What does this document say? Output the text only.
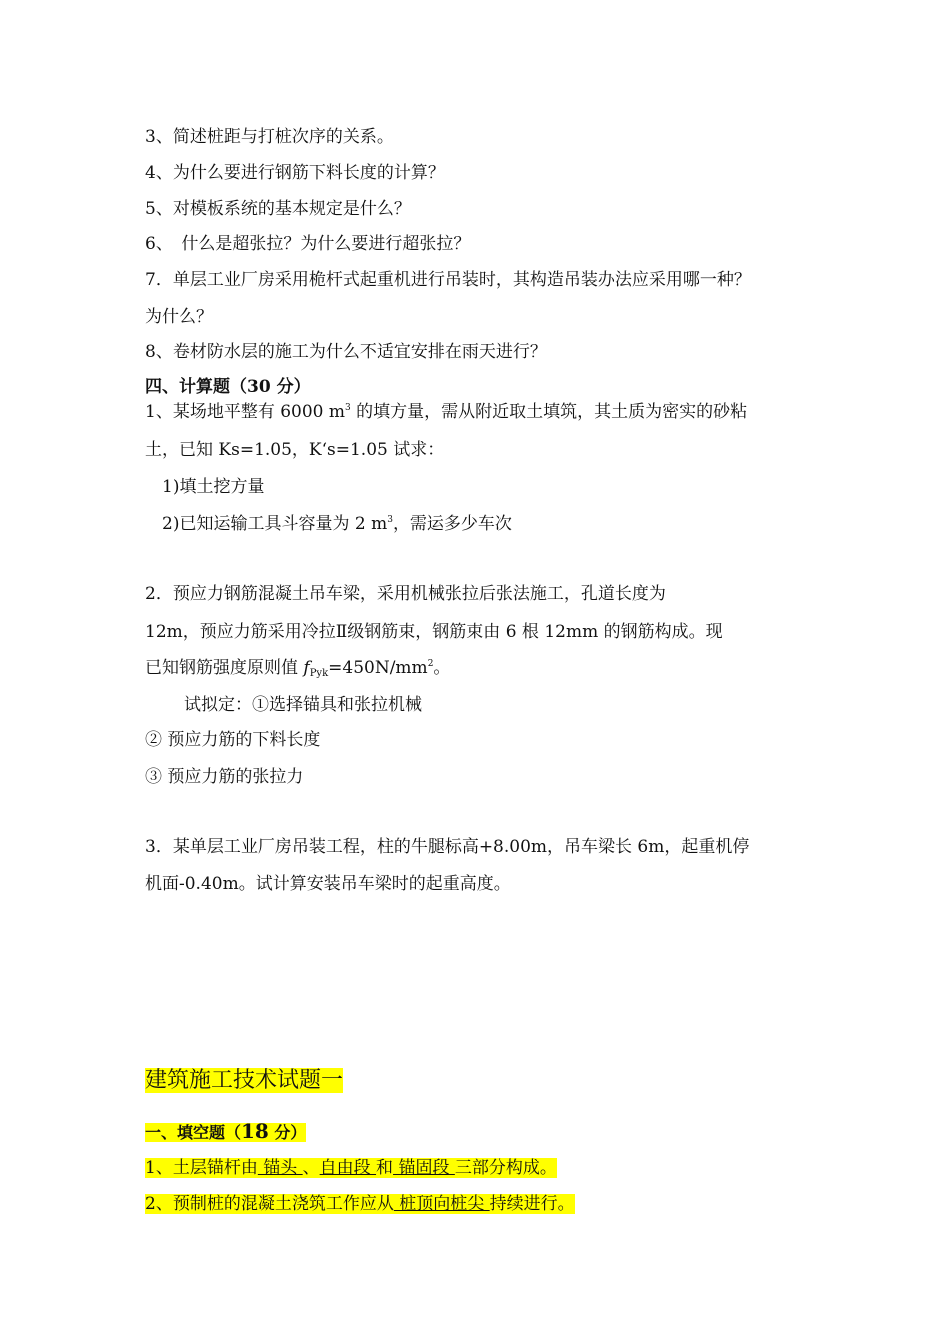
3、简述桩距与打桩次序的关系。
4、为什么要进行钢筋下料长度的计算？
5、对模板系统的基本规定是什么？
6、　什么是超张拉？为什么要进行超张拉？
7．单层工业厂房采用桅杆式起重机进行吊装时，其构造吊装办法应采用哪一种？
为什么？
8、卷材防水层的施工为什么不适宜安排在雨天进行？
四、计算题（30 分）
1、某场地平整有 6000 $m^3$ 的填方量，需从附近取土填筑，其土质为密实的砂粘
土，已知 Ks=1.05，K‘s=1.05 试求：
1)填土挖方量
2)已知运输工具斗容量为 2 $m^3$，需运多少车次
2．预应力钢筋混凝土吊车梁，采用机械张拉后张法施工，孔道长度为
12m，预应力筋采用冷拉Ⅱ级钢筋束，钢筋束由 6 根 12mm 的钢筋构成。现
已知钢筋强度原则值 $f_{Pyk}=450N/mm^2$。
试拟定：①选择锚具和张拉机械
② 预应力筋的下料长度
③ 预应力筋的张拉力
3．某单层工业厂房吊装工程，柱的牛腿标高+8.00m，吊车梁长 6m，起重机停
机面-0.40m。试计算安装吊车梁时的起重高度。
建筑施工技术试题一
一、填空题（18 分）
1、土层锚杆由 锚头 、自由段 和 锚固段 三部分构成。
2、预制桩的混凝土浇筑工作应从 桩顶向桩尖 持续进行。
